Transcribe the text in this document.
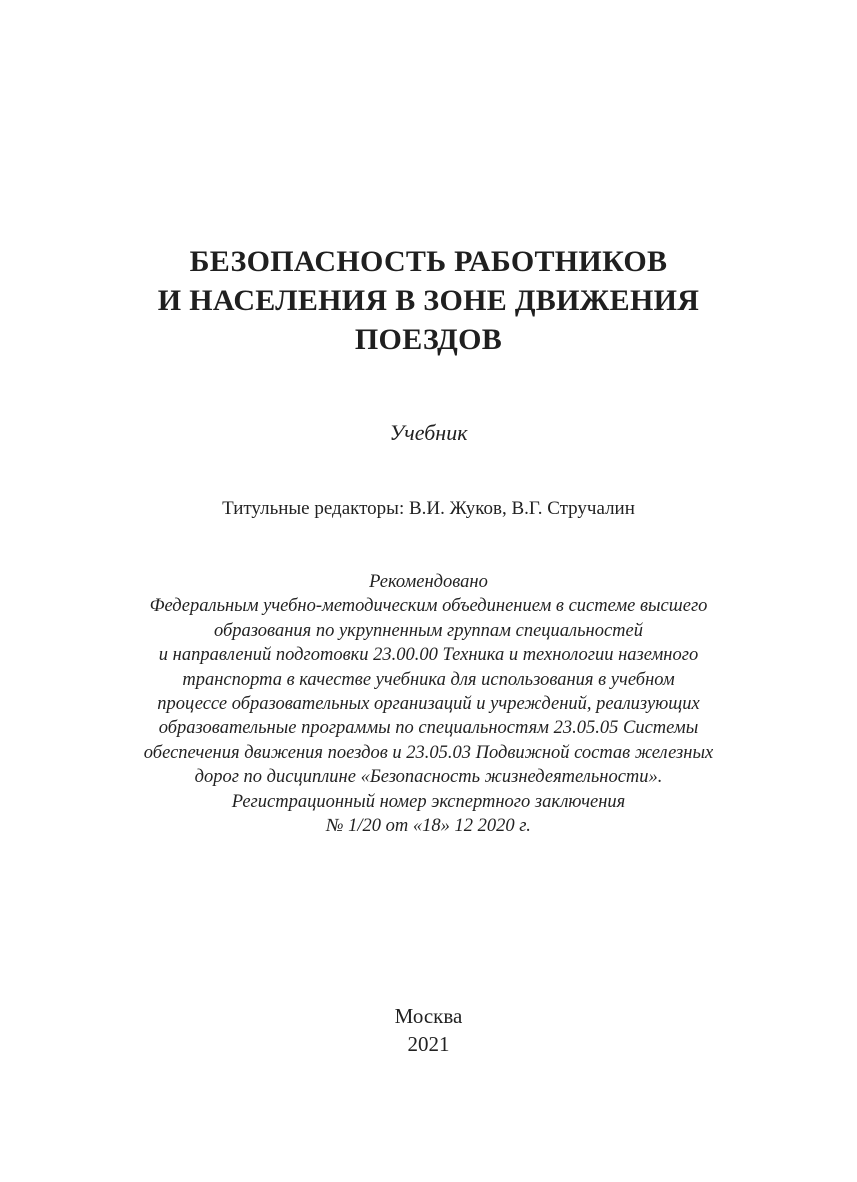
БЕЗОПАСНОСТЬ РАБОТНИКОВ
И НАСЕЛЕНИЯ В ЗОНЕ ДВИЖЕНИЯ
ПОЕЗДОВ
Учебник
Титульные редакторы: В.И. Жуков, В.Г. Стручалин
Рекомендовано
Федеральным учебно-методическим объединением в системе высшего
образования по укрупненным группам специальностей
и направлений подготовки 23.00.00 Техника и технологии наземного
транспорта в качестве учебника для использования в учебном
процессе образовательных организаций и учреждений, реализующих
образовательные программы по специальностям 23.05.05 Системы
обеспечения движения поездов и 23.05.03 Подвижной состав железных
дорог по дисциплине «Безопасность жизнедеятельности».
Регистрационный номер экспертного заключения
№ 1/20 от «18» 12 2020 г.
Москва
2021
